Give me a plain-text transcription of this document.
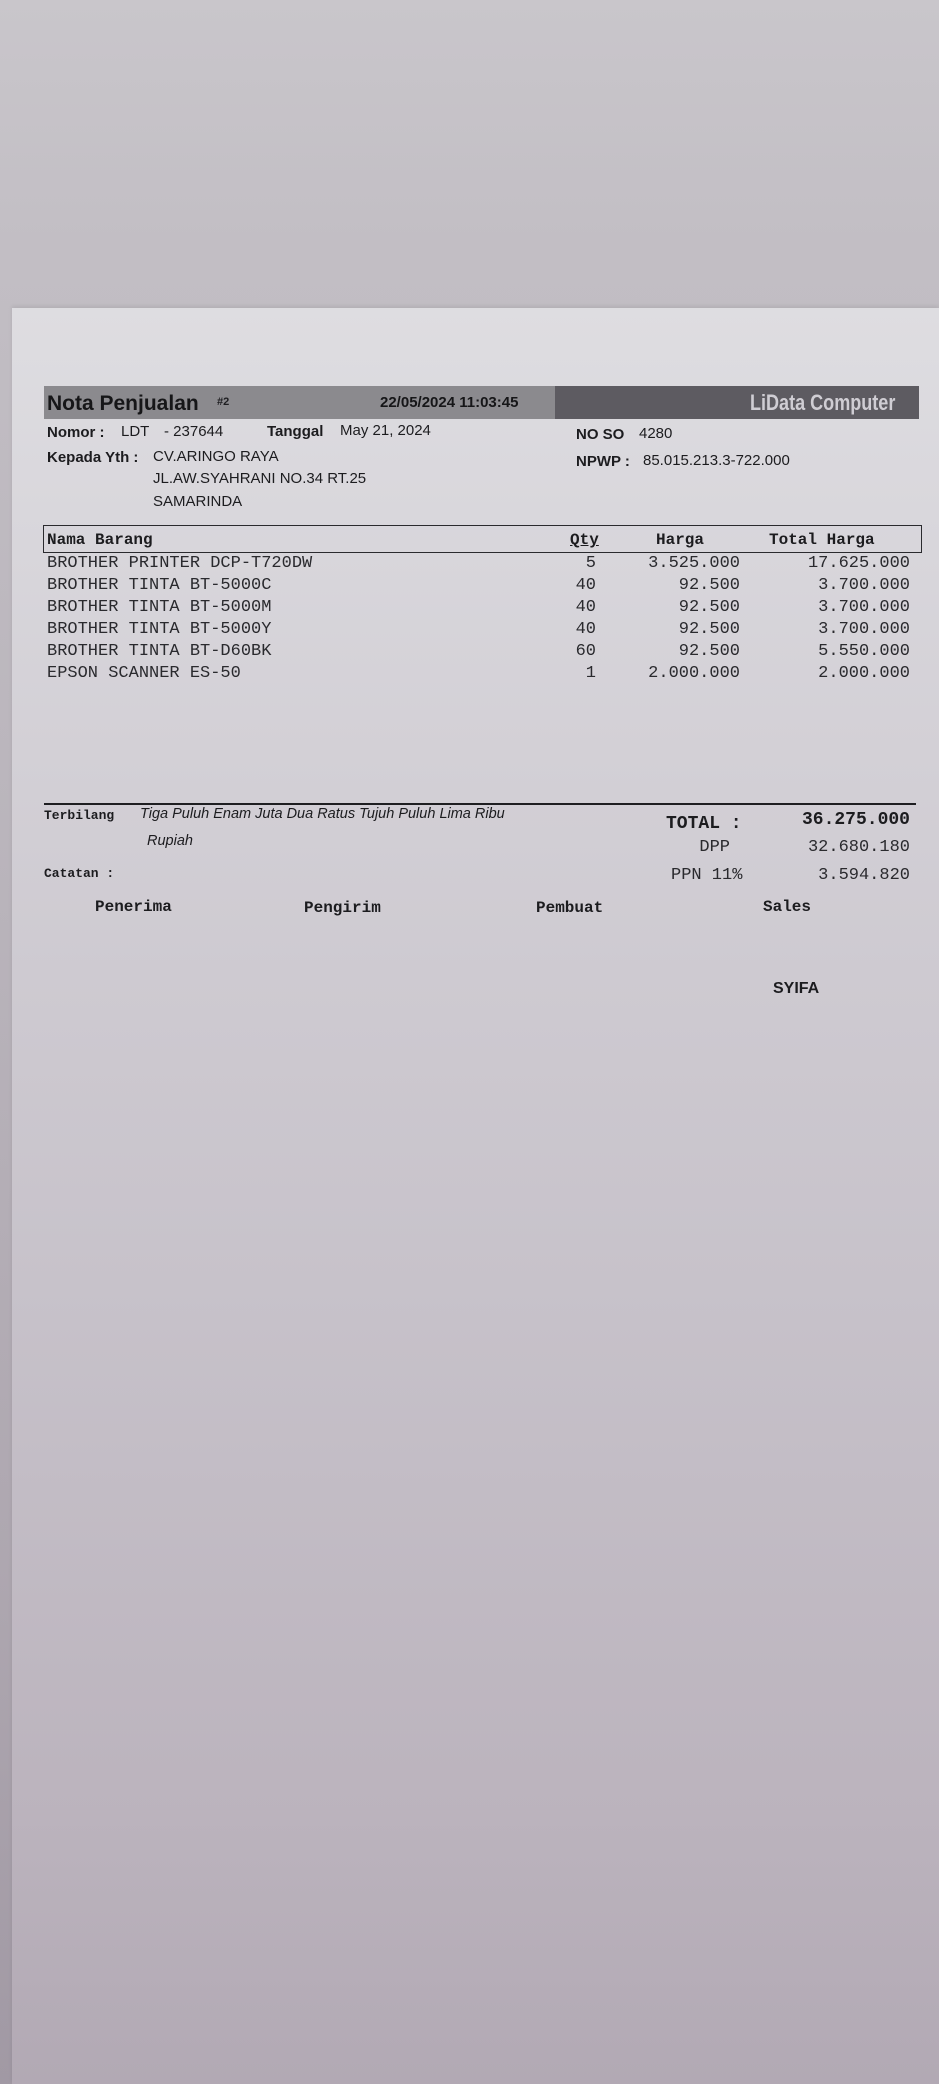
Nota Penjualan #2	22/05/2024 11:03:45	LiData Computer
Nomor : LDT - 237644	Tanggal May 21, 2024	NO SO 4280
Kepada Yth : CV.ARINGO RAYA
JL.AW.SYAHRANI NO.34 RT.25
SAMARINDA
NPWP : 85.015.213.3-722.000
Nama Barang	Qty	Harga	Total Harga
BROTHER PRINTER DCP-T720DW	5	3.525.000	17.625.000
BROTHER TINTA BT-5000C	40	92.500	3.700.000
BROTHER TINTA BT-5000M	40	92.500	3.700.000
BROTHER TINTA BT-5000Y	40	92.500	3.700.000
BROTHER TINTA BT-D60BK	60	92.500	5.550.000
EPSON SCANNER ES-50	1	2.000.000	2.000.000
Terbilang Tiga Puluh Enam Juta Dua Ratus Tujuh Puluh Lima Ribu
Rupiah
Catatan :
TOTAL :	36.275.000
DPP	32.680.180
PPN 11%	3.594.820
Penerima	Pengirim	Pembuat	Sales
SYIFA
